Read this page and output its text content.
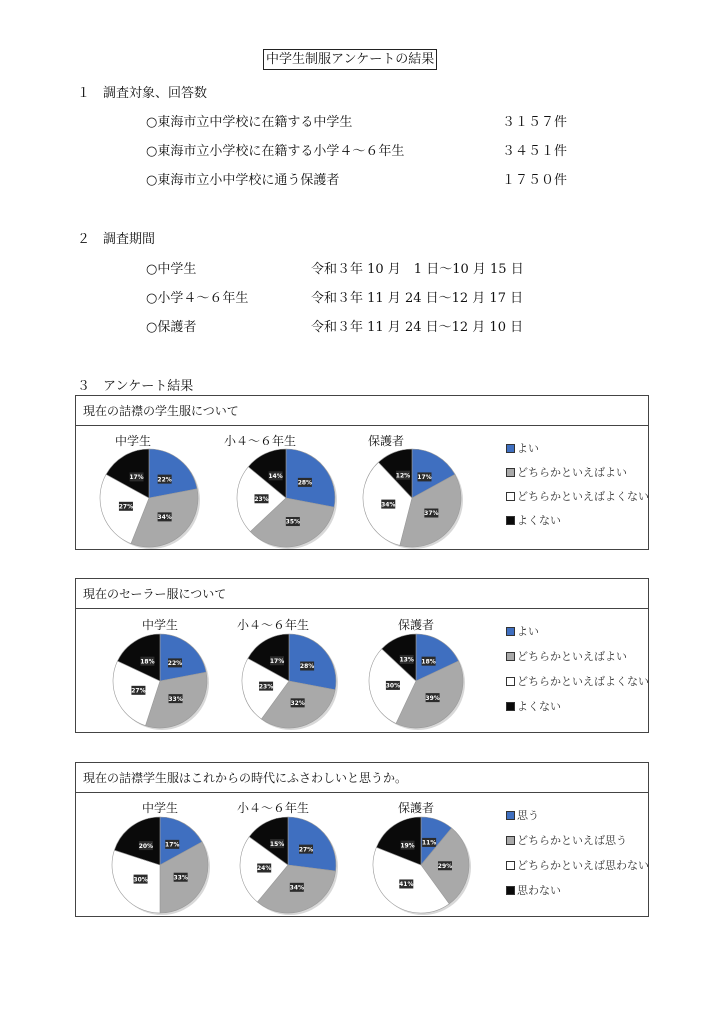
中学生制服アンケートの結果
１　調査対象、回答数
○東海市立中学校に在籍する中学生	３１５７件
○東海市立小学校に在籍する小学４～６年生	３４５１件
○東海市立小中学校に通う保護者	１７５０件
２　調査期間
○中学生	令和３年 10 月　1 日～10 月 15 日
○小学４～６年生	令和３年 11 月 24 日～12 月 17 日
○保護者	令和３年 11 月 24 日～12 月 10 日
３　アンケート結果
現在の詰襟の学生服について
中学生	小４～６年生	保護者
22%
34%
27%
17%
28%
35%
23%
14%	17%
37%
34%
12%
よい
どちらかといえばよい
どちらかといえばよくない
よくない
現在のセーラー服について
中学生	小４～６年生	保護者
22%
33%
27%
18%
28%
32%
23%
17%	18%
39%
30%
13%
よい
どちらかといえばよい
どちらかといえばよくない
よくない
現在の詰襟学生服はこれからの時代にふさわしいと思うか。
中学生	小４～６年生	保護者
17%
33%
30%
20%
27%
34%
24%
15%	11%
29%
41%
19%
思う
どちらかといえば思う
どちらかといえば思わない
思わない
